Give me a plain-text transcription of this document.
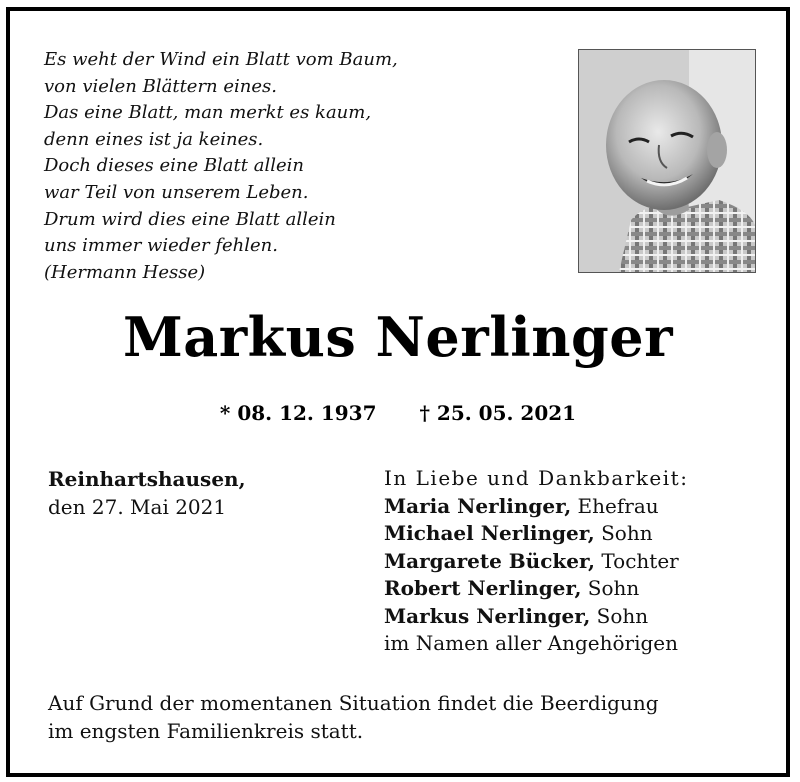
Es weht der Wind ein Blatt vom Baum,
von vielen Blättern eines.
Das eine Blatt, man merkt es kaum,
denn eines ist ja keines.
Doch dieses eine Blatt allein
war Teil von unserem Leben.
Drum wird dies eine Blatt allein
uns immer wieder fehlen.
(Hermann Hesse)
Markus Nerlinger
* 08. 12. 1937 † 25. 05. 2021
Reinhartshausen,
den 27. Mai 2021
In Liebe und Dankbarkeit:
Maria Nerlinger, Ehefrau
Michael Nerlinger, Sohn
Margarete Bücker, Tochter
Robert Nerlinger, Sohn
Markus Nerlinger, Sohn
im Namen aller Angehörigen
Auf Grund der momentanen Situation findet die Beerdigung
im engsten Familienkreis statt.
